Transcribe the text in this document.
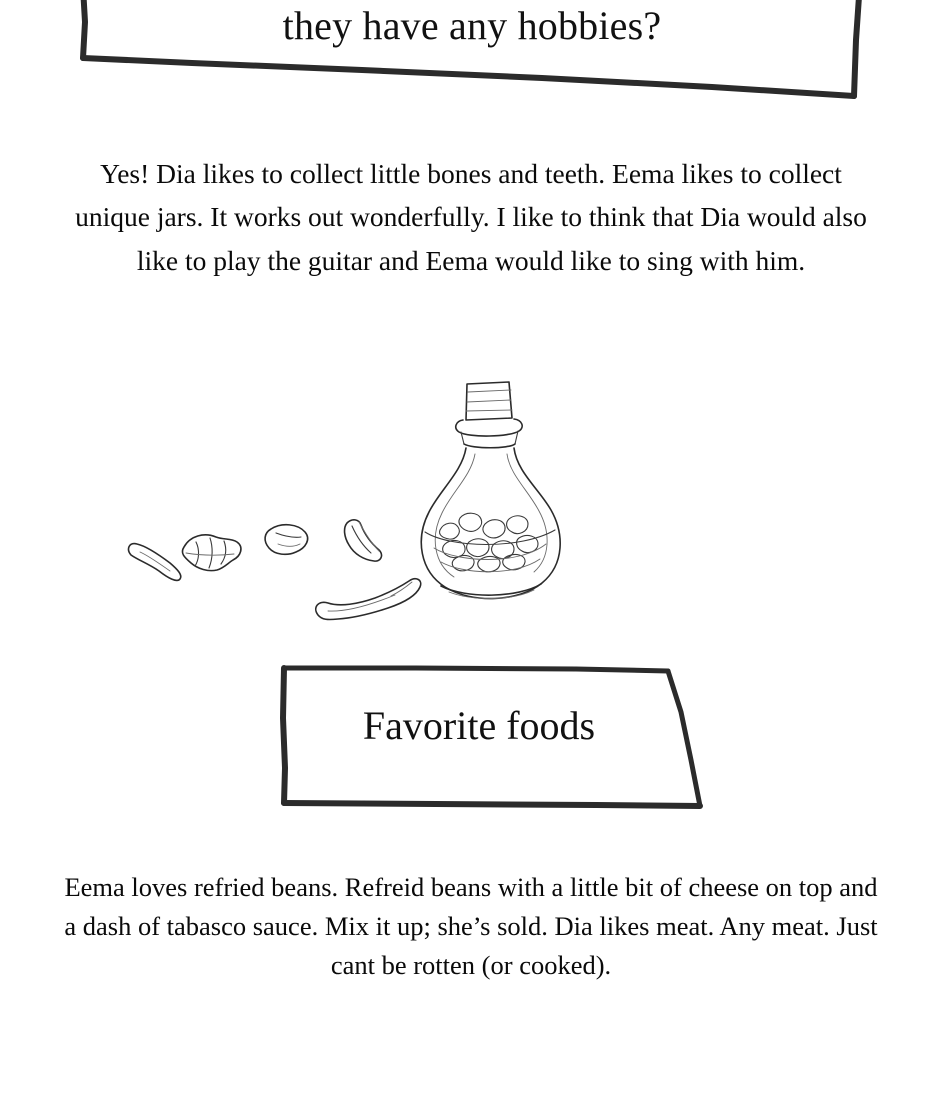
they have any hobbies?
Yes! Dia likes to collect little bones and teeth. Eema likes to collect unique jars. It works out wonderfully. I like to think that Dia would also like to play the guitar and Eema would like to sing with him.
Favorite foods
Eema loves refried beans. Refreid beans with a little bit of cheese on top and a dash of tabasco sauce. Mix it up; she’s sold. Dia likes meat. Any meat. Just cant be rotten (or cooked).
